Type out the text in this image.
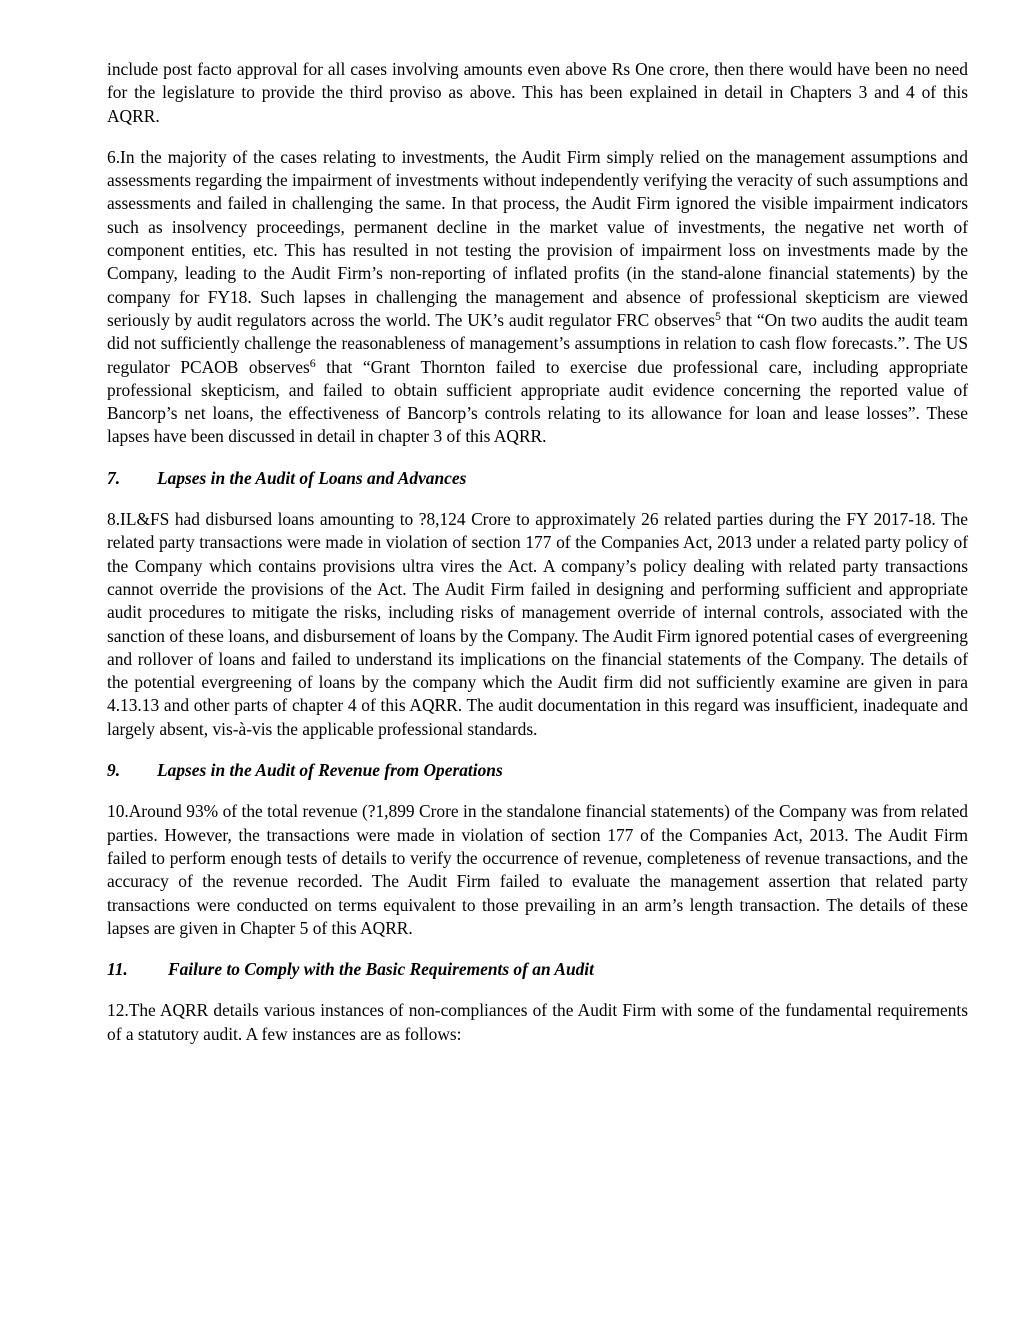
include post facto approval for all cases involving amounts even above Rs One crore, then there would have been no need for the legislature to provide the third proviso as above. This has been explained in detail in Chapters 3 and 4 of this AQRR.

6.In the majority of the cases relating to investments, the Audit Firm simply relied on the management assumptions and assessments regarding the impairment of investments without independently verifying the veracity of such assumptions and assessments and failed in challenging the same. In that process, the Audit Firm ignored the visible impairment indicators such as insolvency proceedings, permanent decline in the market value of investments, the negative net worth of component entities, etc. This has resulted in not testing the provision of impairment loss on investments made by the Company, leading to the Audit Firm’s non-reporting of inflated profits (in the stand-alone financial statements) by the company for FY18. Such lapses in challenging the management and absence of professional skepticism are viewed seriously by audit regulators across the world. The UK’s audit regulator FRC observes$^5$ that “On two audits the audit team did not sufficiently challenge the reasonableness of management’s assumptions in relation to cash flow forecasts.”. The US regulator PCAOB observes$^6$ that “Grant Thornton failed to exercise due professional care, including appropriate professional skepticism, and failed to obtain sufficient appropriate audit evidence concerning the reported value of Bancorp’s net loans, the effectiveness of Bancorp’s controls relating to its allowance for loan and lease losses”. These lapses have been discussed in detail in chapter 3 of this AQRR.

7. Lapses in the Audit of Loans and Advances

8.IL&FS had disbursed loans amounting to ?8,124 Crore to approximately 26 related parties during the FY 2017-18. The related party transactions were made in violation of section 177 of the Companies Act, 2013 under a related party policy of the Company which contains provisions ultra vires the Act. A company’s policy dealing with related party transactions cannot override the provisions of the Act. The Audit Firm failed in designing and performing sufficient and appropriate audit procedures to mitigate the risks, including risks of management override of internal controls, associated with the sanction of these loans, and disbursement of loans by the Company. The Audit Firm ignored potential cases of evergreening and rollover of loans and failed to understand its implications on the financial statements of the Company. The details of the potential evergreening of loans by the company which the Audit firm did not sufficiently examine are given in para 4.13.13 and other parts of chapter 4 of this AQRR. The audit documentation in this regard was insufficient, inadequate and largely absent, vis-à-vis the applicable professional standards.

9. Lapses in the Audit of Revenue from Operations

10.Around 93% of the total revenue (?1,899 Crore in the standalone financial statements) of the Company was from related parties. However, the transactions were made in violation of section 177 of the Companies Act, 2013. The Audit Firm failed to perform enough tests of details to verify the occurrence of revenue, completeness of revenue transactions, and the accuracy of the revenue recorded. The Audit Firm failed to evaluate the management assertion that related party transactions were conducted on terms equivalent to those prevailing in an arm’s length transaction. The details of these lapses are given in Chapter 5 of this AQRR.

11. Failure to Comply with the Basic Requirements of an Audit

12.The AQRR details various instances of non-compliances of the Audit Firm with some of the fundamental requirements of a statutory audit. A few instances are as follows:
